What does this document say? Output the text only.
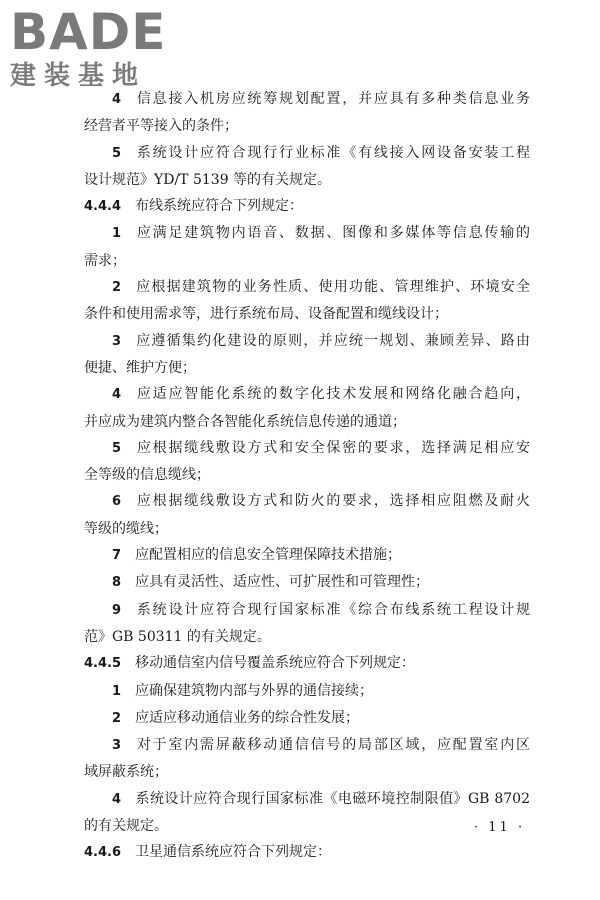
BADE
建装基地
4 信息接入机房应统筹规划配置，并应具有多种类信息业务
经营者平等接入的条件；
5 系统设计应符合现行行业标准《有线接入网设备安装工程
设计规范》YD/T 5139 等的有关规定。
4.4.4 布线系统应符合下列规定：
1 应满足建筑物内语音、数据、图像和多媒体等信息传输的
需求；
2 应根据建筑物的业务性质、使用功能、管理维护、环境安全
条件和使用需求等，进行系统布局、设备配置和缆线设计；
3 应遵循集约化建设的原则，并应统一规划、兼顾差异、路由
便捷、维护方便；
4 应适应智能化系统的数字化技术发展和网络化融合趋向，
并应成为建筑内整合各智能化系统信息传递的通道；
5 应根据缆线敷设方式和安全保密的要求，选择满足相应安
全等级的信息缆线；
6 应根据缆线敷设方式和防火的要求，选择相应阻燃及耐火
等级的缆线；
7 应配置相应的信息安全管理保障技术措施；
8 应具有灵活性、适应性、可扩展性和可管理性；
9 系统设计应符合现行国家标准《综合布线系统工程设计规
范》GB 50311 的有关规定。
4.4.5 移动通信室内信号覆盖系统应符合下列规定：
1 应确保建筑物内部与外界的通信接续；
2 应适应移动通信业务的综合性发展；
3 对于室内需屏蔽移动通信信号的局部区域，应配置室内区
域屏蔽系统；
4 系统设计应符合现行国家标准《电磁环境控制限值》GB 8702
的有关规定。
4.4.6 卫星通信系统应符合下列规定：
· 11 ·
